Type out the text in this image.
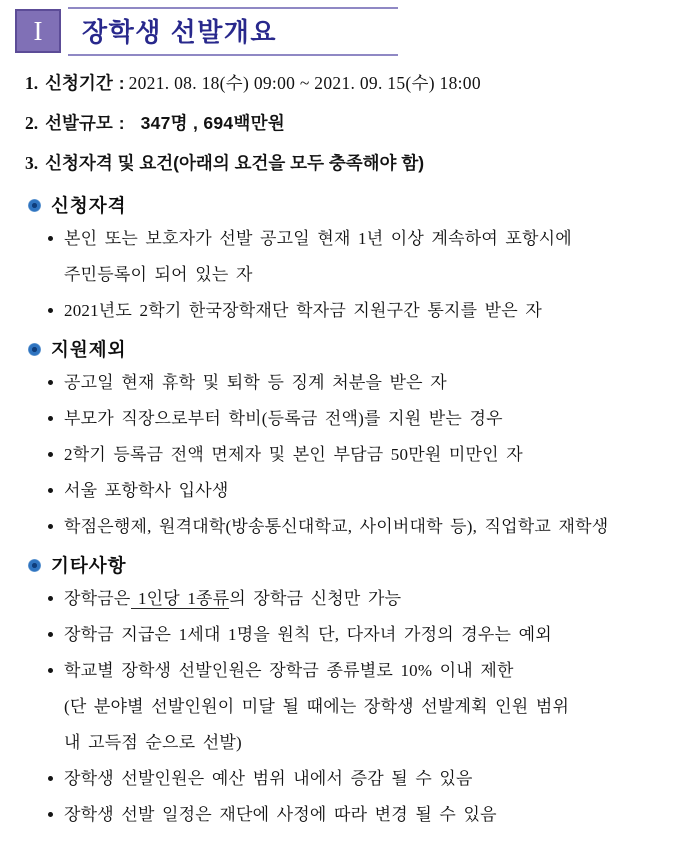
I 장학생 선발개요
1. 신청기간 : 2021. 08. 18(수) 09:00 ~ 2021. 09. 15(수) 18:00
2. 선발규모 : 347명 , 694백만원
3. 신청자격 및 요건(아래의 요건을 모두 충족해야 함)
신청자격
본인 또는 보호자가 선발 공고일 현재 1년 이상 계속하여 포항시에
주민등록이 되어 있는 자
2021년도 2학기 한국장학재단 학자금 지원구간 통지를 받은 자
지원제외
공고일 현재 휴학 및 퇴학 등 징계 처분을 받은 자
부모가 직장으로부터 학비(등록금 전액)를 지원 받는 경우
2학기 등록금 전액 면제자 및 본인 부담금 50만원 미만인 자
서울 포항학사 입사생
학점은행제, 원격대학(방송통신대학교, 사이버대학 등), 직업학교 재학생
기타사항
장학금은 1인당 1종류의 장학금 신청만 가능
장학금 지급은 1세대 1명을 원칙 단, 다자녀 가정의 경우는 예외
학교별 장학생 선발인원은 장학금 종류별로 10% 이내 제한
(단 분야별 선발인원이 미달 될 때에는 장학생 선발계획 인원 범위
내 고득점 순으로 선발)
장학생 선발인원은 예산 범위 내에서 증감 될 수 있음
장학생 선발 일정은 재단에 사정에 따라 변경 될 수 있음
